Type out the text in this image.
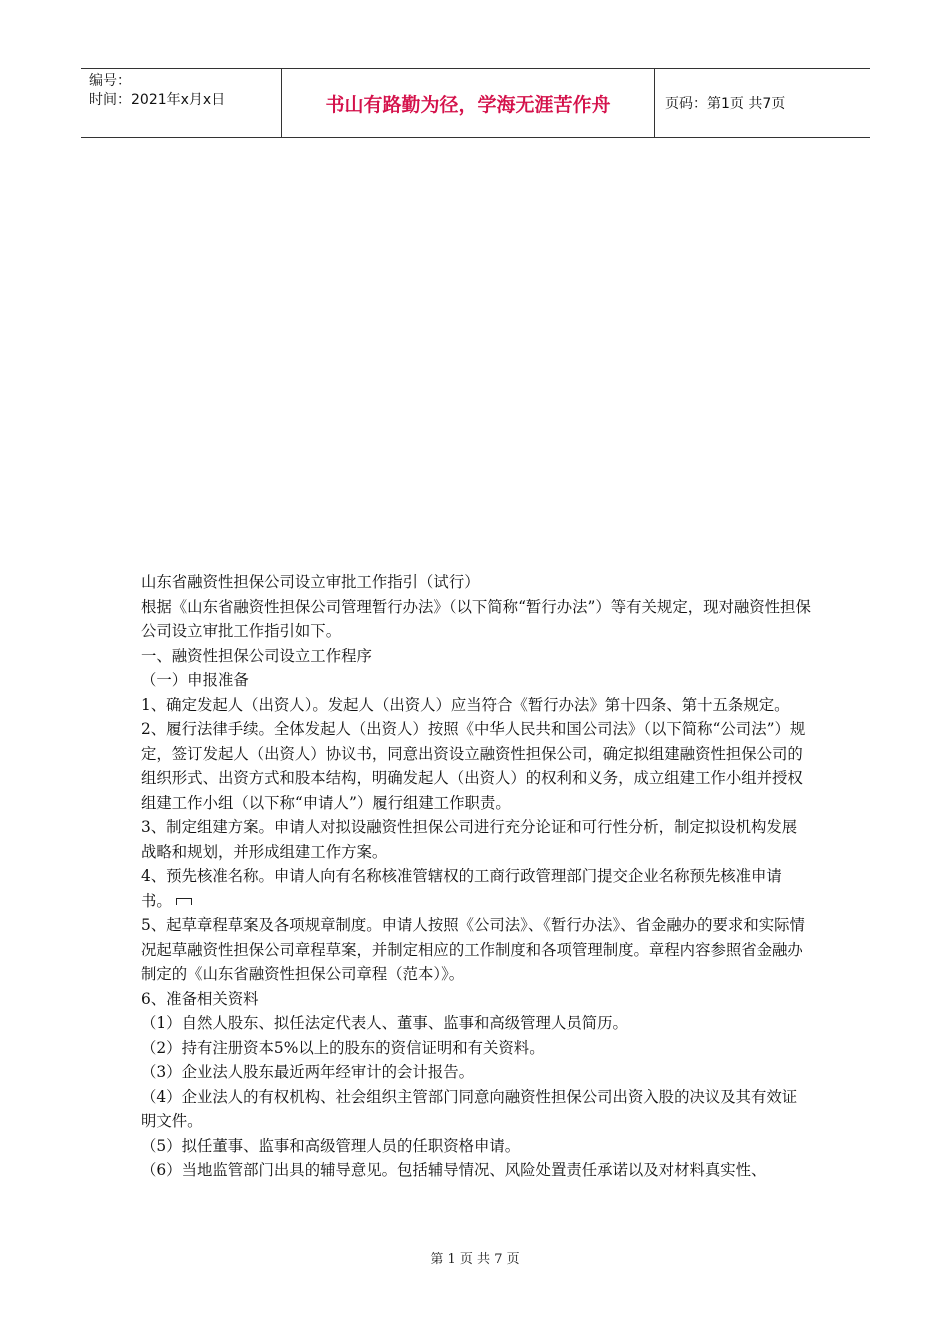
编号：
时间：2021年x月x日	书山有路勤为径，学海无涯苦作舟	页码：第1页 共7页

山东省融资性担保公司设立审批工作指引（试行）

根据《山东省融资性担保公司管理暂行办法》（以下简称“暂行办法”）等有关规定，现对融资性担保公司设立审批工作指引如下。

一、融资性担保公司设立工作程序

（一）申报准备

1、确定发起人（出资人）。发起人（出资人）应当符合《暂行办法》第十四条、第十五条规定。

2、履行法律手续。全体发起人（出资人）按照《中华人民共和国公司法》（以下简称“公司法”）规定，签订发起人（出资人）协议书，同意出资设立融资性担保公司，确定拟组建融资性担保公司的组织形式、出资方式和股本结构，明确发起人（出资人）的权利和义务，成立组建工作小组并授权组建工作小组（以下称“申请人”）履行组建工作职责。

3、制定组建方案。申请人对拟设融资性担保公司进行充分论证和可行性分析，制定拟设机构发展战略和规划，并形成组建工作方案。

4、预先核准名称。申请人向有名称核准管辖权的工商行政管理部门提交企业名称预先核准申请书。

5、起草章程草案及各项规章制度。申请人按照《公司法》、《暂行办法》、省金融办的要求和实际情况起草融资性担保公司章程草案，并制定相应的工作制度和各项管理制度。章程内容参照省金融办制定的《山东省融资性担保公司章程（范本）》。

6、准备相关资料

（1）自然人股东、拟任法定代表人、董事、监事和高级管理人员简历。

（2）持有注册资本5%以上的股东的资信证明和有关资料。

（3）企业法人股东最近两年经审计的会计报告。

（4）企业法人的有权机构、社会组织主管部门同意向融资性担保公司出资入股的决议及其有效证明文件。

（5）拟任董事、监事和高级管理人员的任职资格申请。

（6）当地监管部门出具的辅导意见。包括辅导情况、风险处置责任承诺以及对材料真实性、

第 1 页 共 7 页
